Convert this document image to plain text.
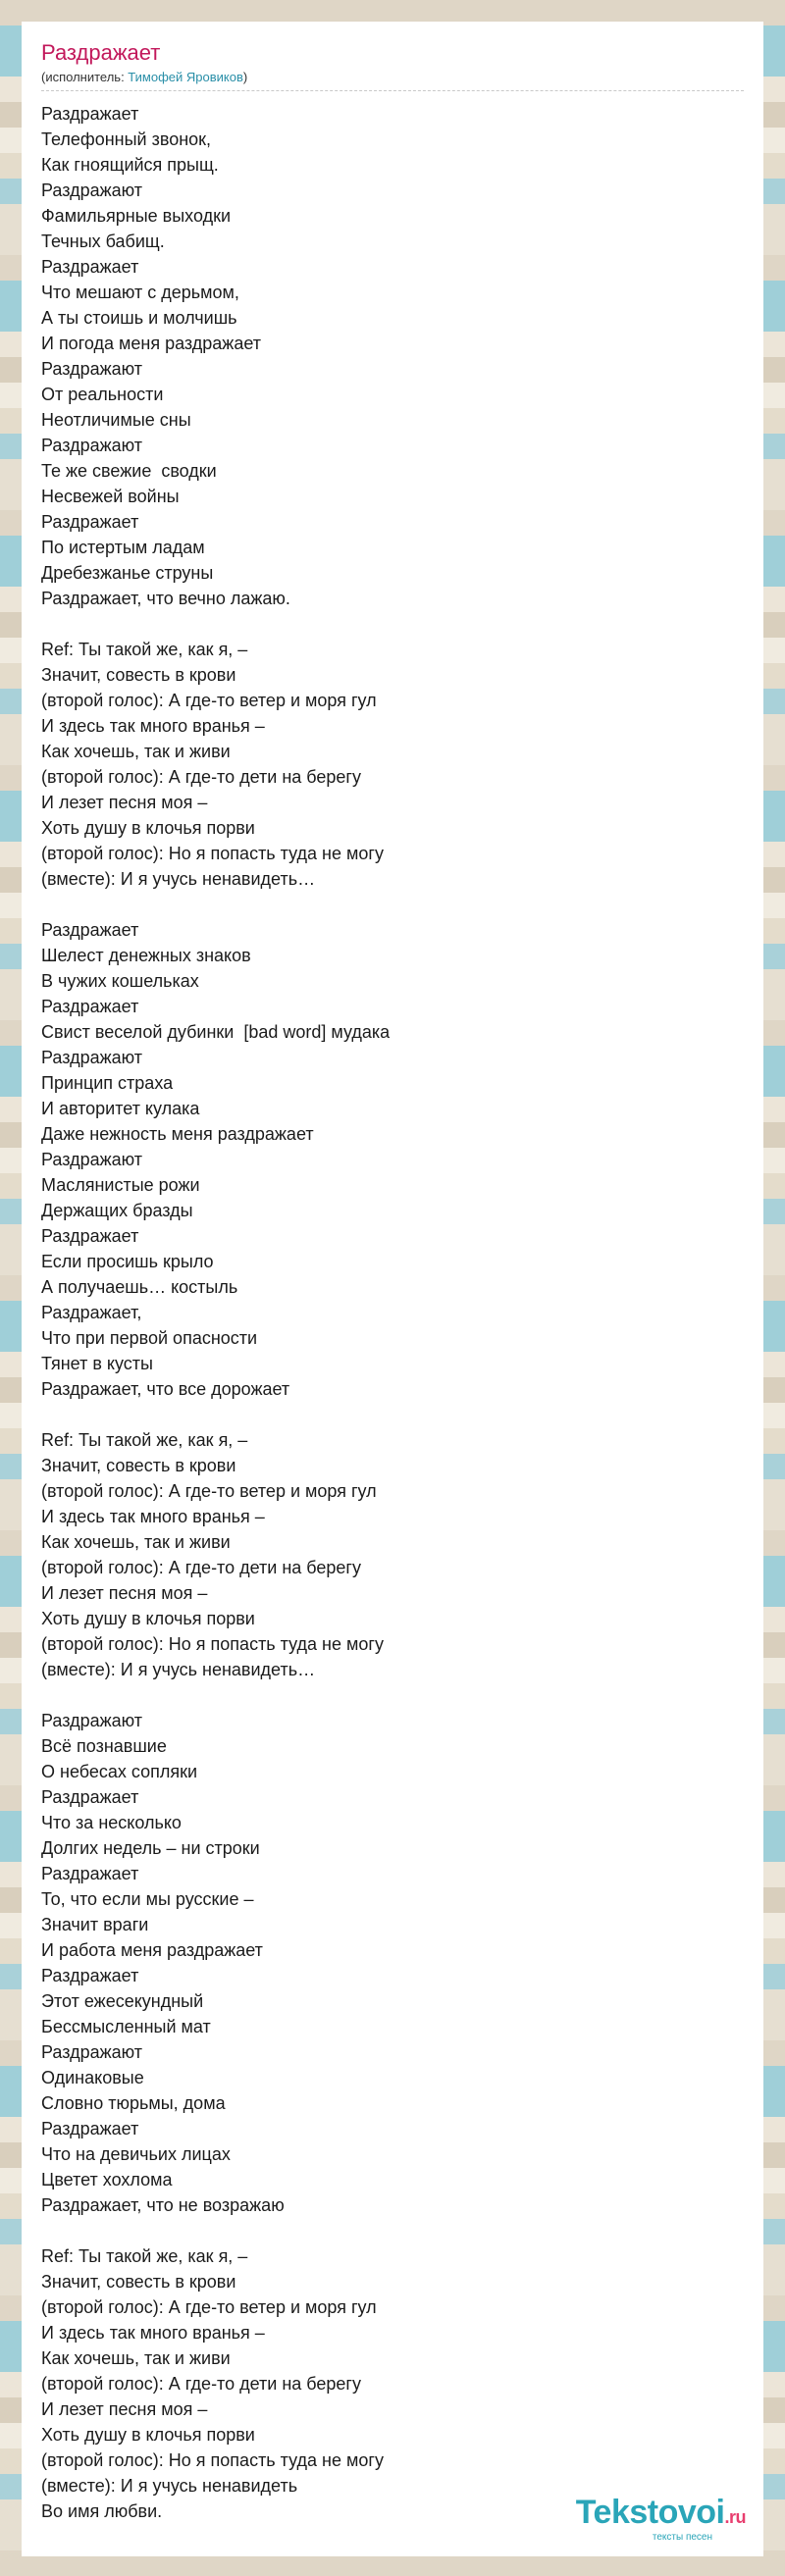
Раздражает
(исполнитель: Тимофей Яровиков)
Раздражает
Телефонный звонок,
Как гноящийся прыщ.
Раздражают
Фамильярные выходки
Течных бабищ.
Раздражает
Что мешают с дерьмом,
А ты стоишь и молчишь
И погода меня раздражает
Раздражают
От реальности
Неотличимые сны
Раздражают
Те же свежие  сводки
Несвежей войны
Раздражает
По истертым ладам
Дребезжанье струны
Раздражает, что вечно лажаю.
Ref: Ты такой же, как я, –
Значит, совесть в крови
(второй голос): А где-то ветер и моря гул
И здесь так много вранья –
Как хочешь, так и живи
(второй голос): А где-то дети на берегу
И лезет песня моя –
Хоть душу в клочья порви
(второй голос): Но я попасть туда не могу
(вместе): И я учусь ненавидеть…
Раздражает
Шелест денежных знаков
В чужих кошельках
Раздражает
Свист веселой дубинки  [bad word] мудака
Раздражают
Принцип страха
И авторитет кулака
Даже нежность меня раздражает
Раздражают
Маслянистые рожи
Держащих бразды
Раздражает
Если просишь крыло
А получаешь… костыль
Раздражает,
Что при первой опасности
Тянет в кусты
Раздражает, что все дорожает
Ref: Ты такой же, как я, –
Значит, совесть в крови
(второй голос): А где-то ветер и моря гул
И здесь так много вранья –
Как хочешь, так и живи
(второй голос): А где-то дети на берегу
И лезет песня моя –
Хоть душу в клочья порви
(второй голос): Но я попасть туда не могу
(вместе): И я учусь ненавидеть…
Раздражают
Всё познавшие
О небесах сопляки
Раздражает
Что за несколько
Долгих недель – ни строки
Раздражает
То, что если мы русские –
Значит враги
И работа меня раздражает
Раздражает
Этот ежесекундный
Бессмысленный мат
Раздражают
Одинаковые
Словно тюрьмы, дома
Раздражает
Что на девичьих лицах
Цветет хохлома
Раздражает, что не возражаю
Ref: Ты такой же, как я, –
Значит, совесть в крови
(второй голос): А где-то ветер и моря гул
И здесь так много вранья –
Как хочешь, так и живи
(второй голос): А где-то дети на берегу
И лезет песня моя –
Хоть душу в клочья порви
(второй голос): Но я попасть туда не могу
(вместе): И я учусь ненавидеть
Во имя любви.	Tekstovoi.ru
тексты песен
